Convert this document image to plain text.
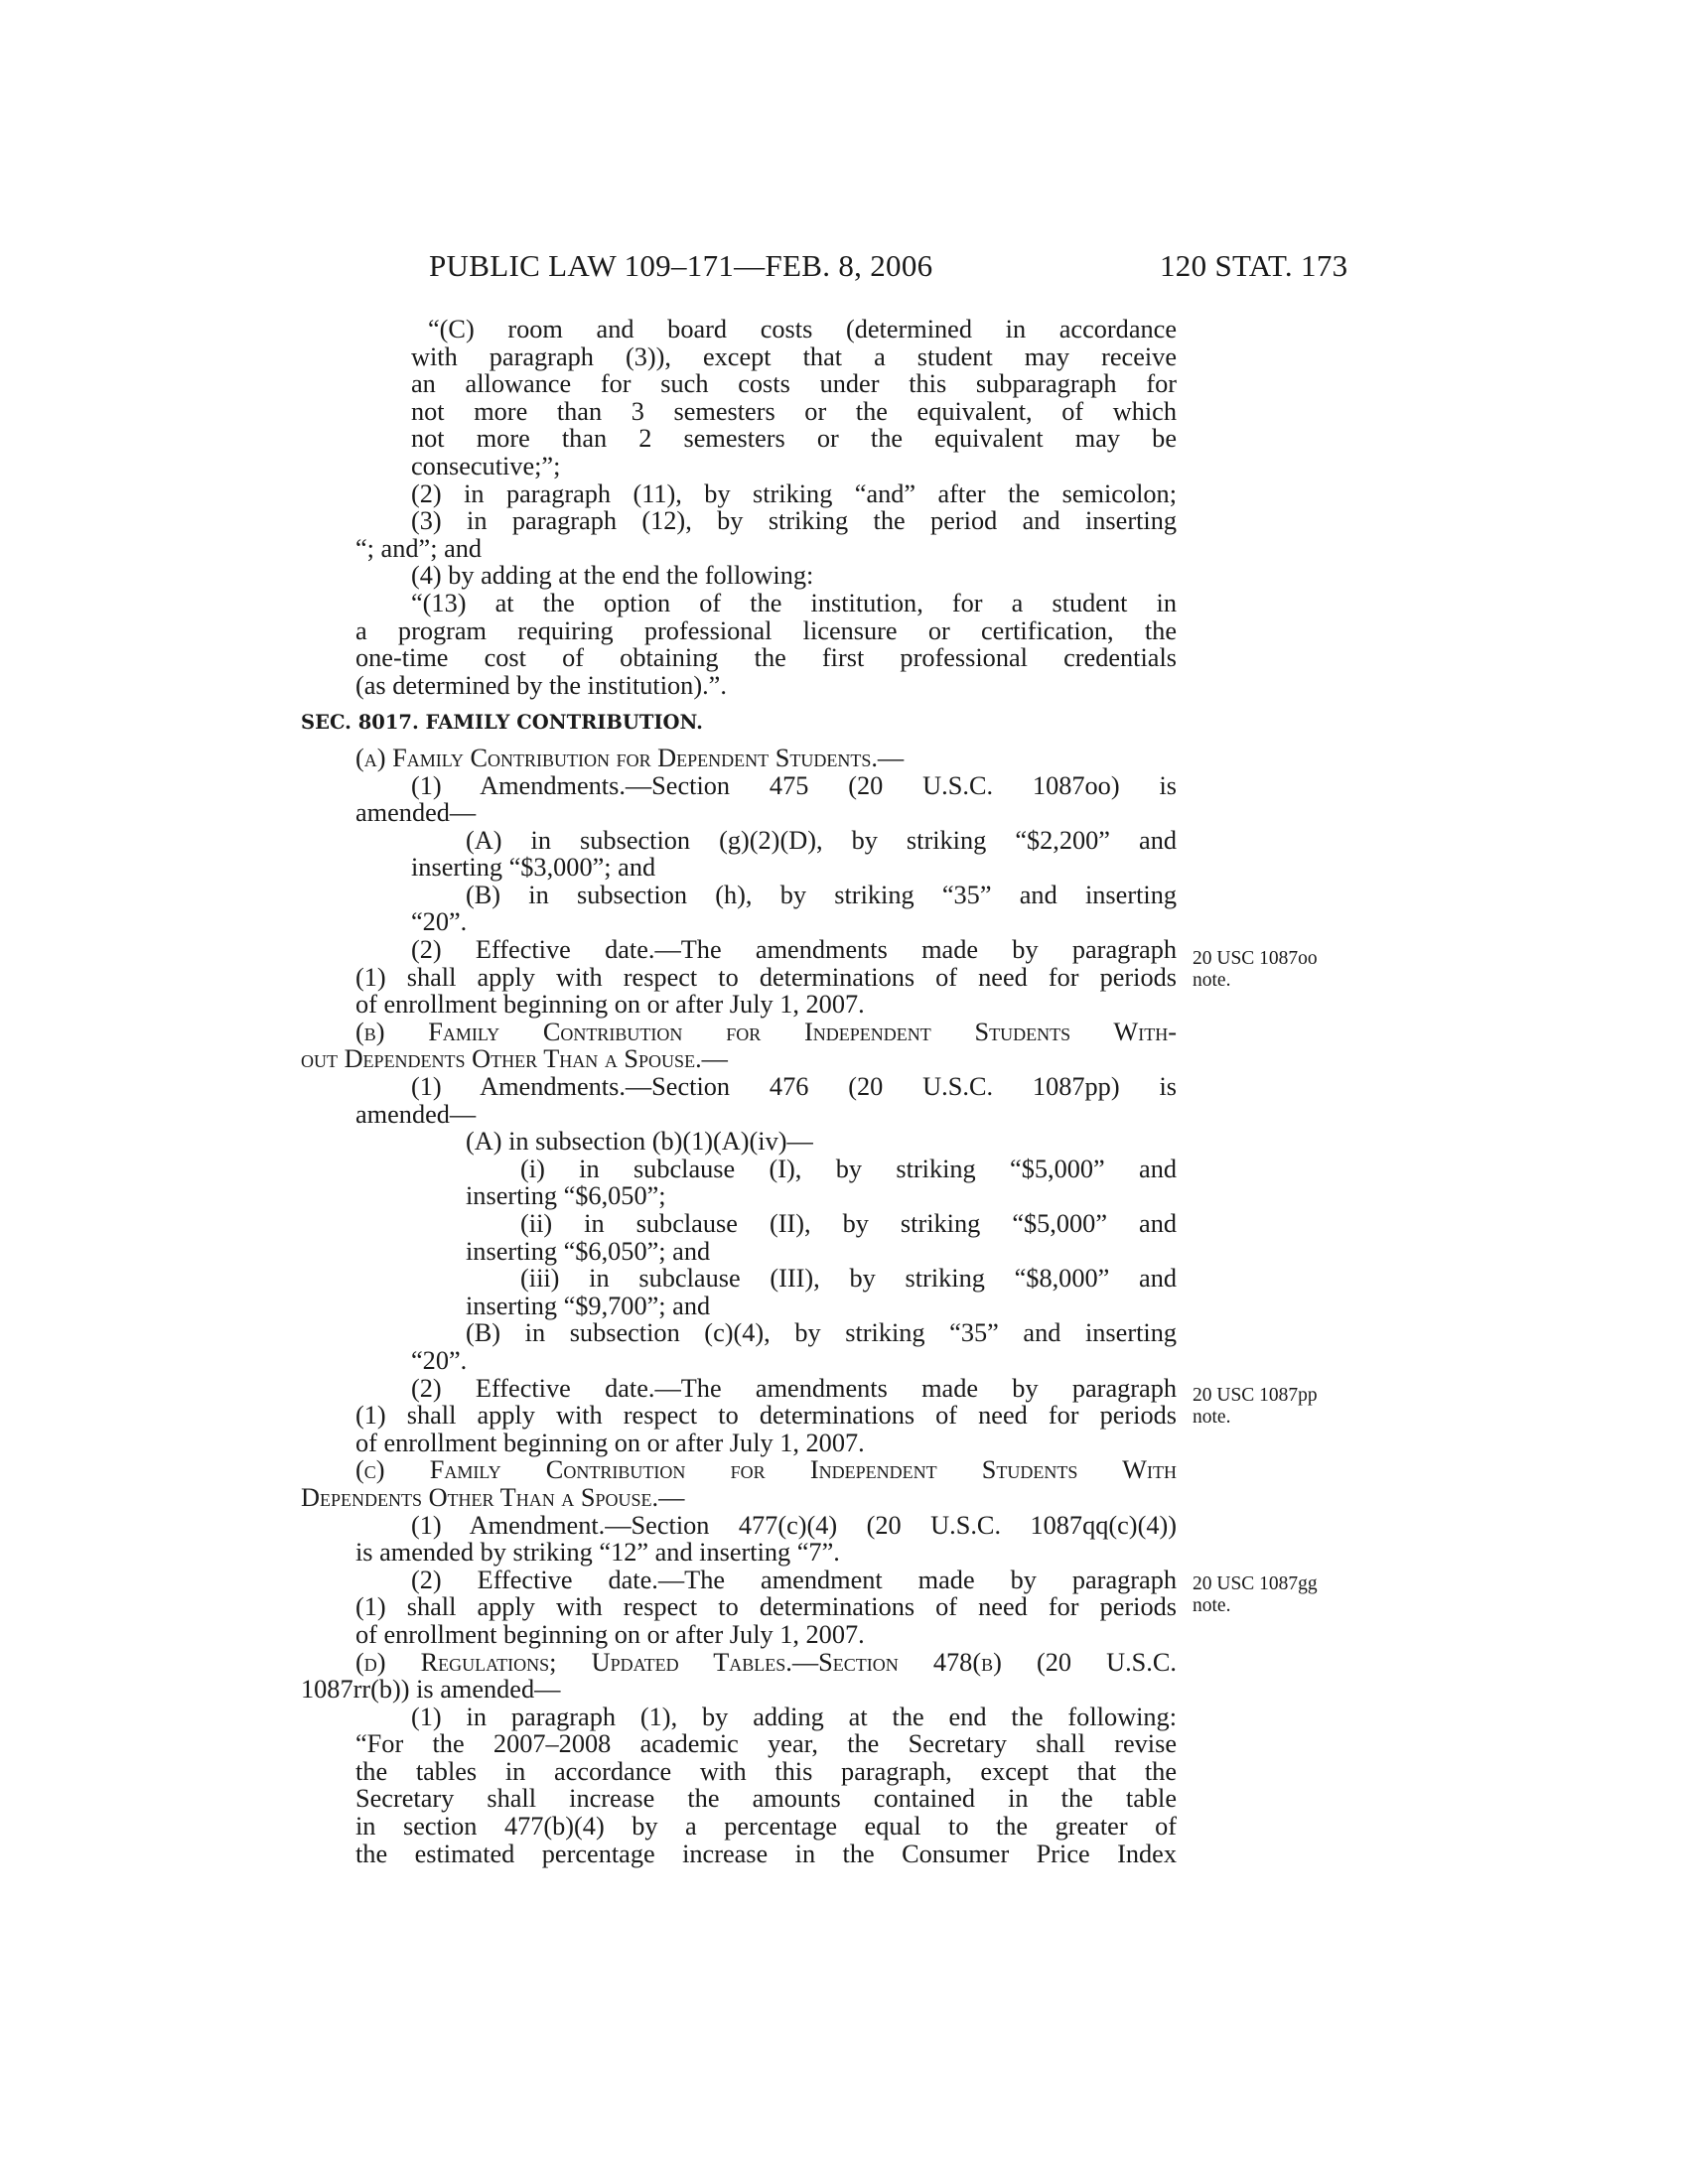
PUBLIC LAW 109–171—FEB. 8, 2006	120 STAT. 173
“(C) room and board costs (determined in accordance
with paragraph (3)), except that a student may receive
an allowance for such costs under this subparagraph for
not more than 3 semesters or the equivalent, of which
not more than 2 semesters or the equivalent may be
consecutive;”;
(2) in paragraph (11), by striking “and” after the semicolon;
(3) in paragraph (12), by striking the period and inserting
“; and”; and
(4) by adding at the end the following:
“(13) at the option of the institution, for a student in
a program requiring professional licensure or certification, the
one-time cost of obtaining the first professional credentials
(as determined by the institution).”.
SEC. 8017. FAMILY CONTRIBUTION.
(a) Family Contribution for Dependent Students.—
(1) Amendments.—Section 475 (20 U.S.C. 1087oo) is
amended—
(A) in subsection (g)(2)(D), by striking “$2,200” and
inserting “$3,000”; and
(B) in subsection (h), by striking “35” and inserting
“20”.
(2) Effective date.—The amendments made by paragraph
(1) shall apply with respect to determinations of need for periods
of enrollment beginning on or after July 1, 2007.
(b) Family Contribution for Independent Students With-
out Dependents Other Than a Spouse.—
(1) Amendments.—Section 476 (20 U.S.C. 1087pp) is
amended—
(A) in subsection (b)(1)(A)(iv)—
(i) in subclause (I), by striking “$5,000” and
inserting “$6,050”;
(ii) in subclause (II), by striking “$5,000” and
inserting “$6,050”; and
(iii) in subclause (III), by striking “$8,000” and
inserting “$9,700”; and
(B) in subsection (c)(4), by striking “35” and inserting
“20”.
(2) Effective date.—The amendments made by paragraph
(1) shall apply with respect to determinations of need for periods
of enrollment beginning on or after July 1, 2007.
(c) Family Contribution for Independent Students With
Dependents Other Than a Spouse.—
(1) Amendment.—Section 477(c)(4) (20 U.S.C. 1087qq(c)(4))
is amended by striking “12” and inserting “7”.
(2) Effective date.—The amendment made by paragraph
(1) shall apply with respect to determinations of need for periods
of enrollment beginning on or after July 1, 2007.
(d) Regulations; Updated Tables.—Section 478(b) (20 U.S.C.
1087rr(b)) is amended—
(1) in paragraph (1), by adding at the end the following:
“For the 2007–2008 academic year, the Secretary shall revise
the tables in accordance with this paragraph, except that the
Secretary shall increase the amounts contained in the table
in section 477(b)(4) by a percentage equal to the greater of
the estimated percentage increase in the Consumer Price Index
20 USC 1087oo
note.
20 USC 1087pp
note.
20 USC 1087gg
note.
